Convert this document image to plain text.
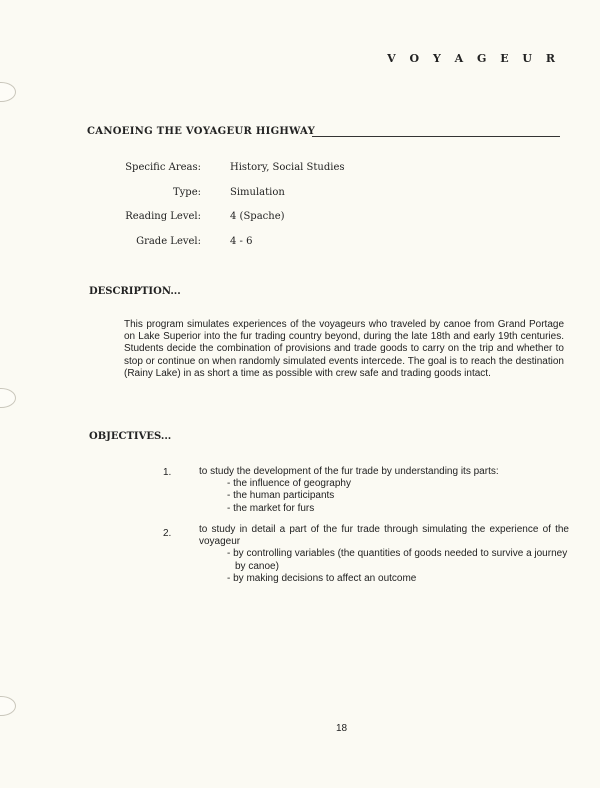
V O Y A G E U R
CANOEING THE VOYAGEUR HIGHWAY
Specific Areas:	History, Social Studies
Type:	Simulation
Reading Level:	4 (Spache)
Grade Level:	4 - 6
DESCRIPTION...
This program simulates experiences of the voyageurs who traveled by canoe from Grand Portage on Lake Superior into the fur trading country beyond, during the late 18th and early 19th centuries. Students decide the combination of provisions and trade goods to carry on the trip and whether to stop or continue on when randomly simulated events intercede. The goal is to reach the destination (Rainy Lake) in as short a time as possible with crew safe and trading goods intact.
OBJECTIVES...
1.	to study the development of the fur trade by understanding its parts:
- the influence of geography
- the human participants
- the market for furs
2.	to study in detail a part of the fur trade through simulating the experience of the voyageur
- by controlling variables (the quantities of goods needed to survive a journey by canoe)
- by making decisions to affect an outcome
18
